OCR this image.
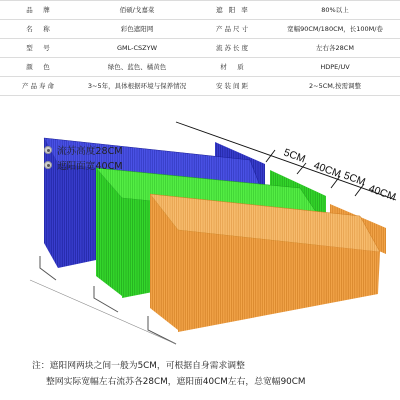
品　牌	佰硕/戈嘉菜	遮 阳 率	80%以上
名　称	彩色遮阳网	产品尺寸	宽幅90CM/180CM，长100M/卷
型　号	GML-CSZYW	流苏长度	左右各28CM
颜　色	绿色、蓝色、橘黄色	材　质	HDPE/UV
产品寿命	3~5年，具体根据环境与保养情况	安装间距	2~5CM,按需调整
5CM
40CM 5CM
40CM
流苏高度28CM
遮阳面宽40CM
注：遮阳网两块之间一般为5CM，可根据自身需求调整
整网实际宽幅左右流苏各28CM，遮阳面40CM左右，总宽幅90CM
